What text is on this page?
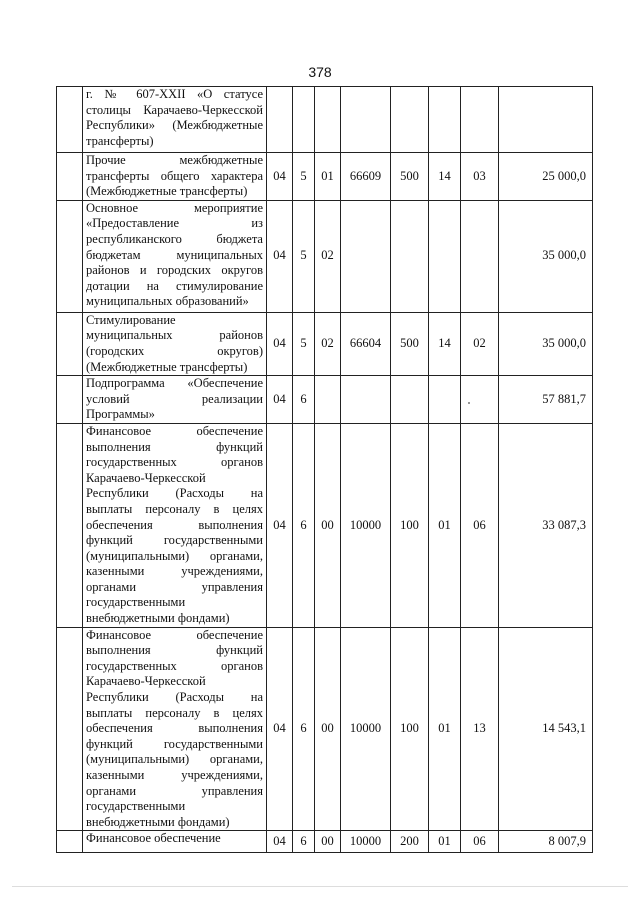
378
	г. № 607-XXII «О статусе столицы Карачаево-Черкесской Республики» (Межбюджетные трансферты)								
	Прочие межбюджетные трансферты общего характера (Межбюджетные трансферты)	04	5	01	66609	500	14	03	25 000,0
	Основное мероприятие «Предоставление из республиканского бюджета бюджетам муниципальных районов и городских округов дотации на стимулирование муниципальных образований»	04	5	02					35 000,0
	Стимулирование муниципальных районов (городских округов) (Межбюджетные трансферты)	04	5	02	66604	500	14	02	35 000,0
	Подпрограмма «Обеспечение условий реализации Программы»	04	6						57 881,7
	Финансовое обеспечение выполнения функций государственных органов Карачаево-Черкесской Республики (Расходы на выплаты персоналу в целях обеспечения выполнения функций государственными (муниципальными) органами, казенными учреждениями, органами управления государственными внебюджетными фондами)	04	6	00	10000	100	01	06	33 087,3
	Финансовое обеспечение выполнения функций государственных органов Карачаево-Черкесской Республики (Расходы на выплаты персоналу в целях обеспечения выполнения функций государственными (муниципальными) органами, казенными учреждениями, органами управления государственными внебюджетными фондами)	04	6	00	10000	100	01	13	14 543,1
	Финансовое обеспечение	04	6	00	10000	200	01	06	8 007,9
